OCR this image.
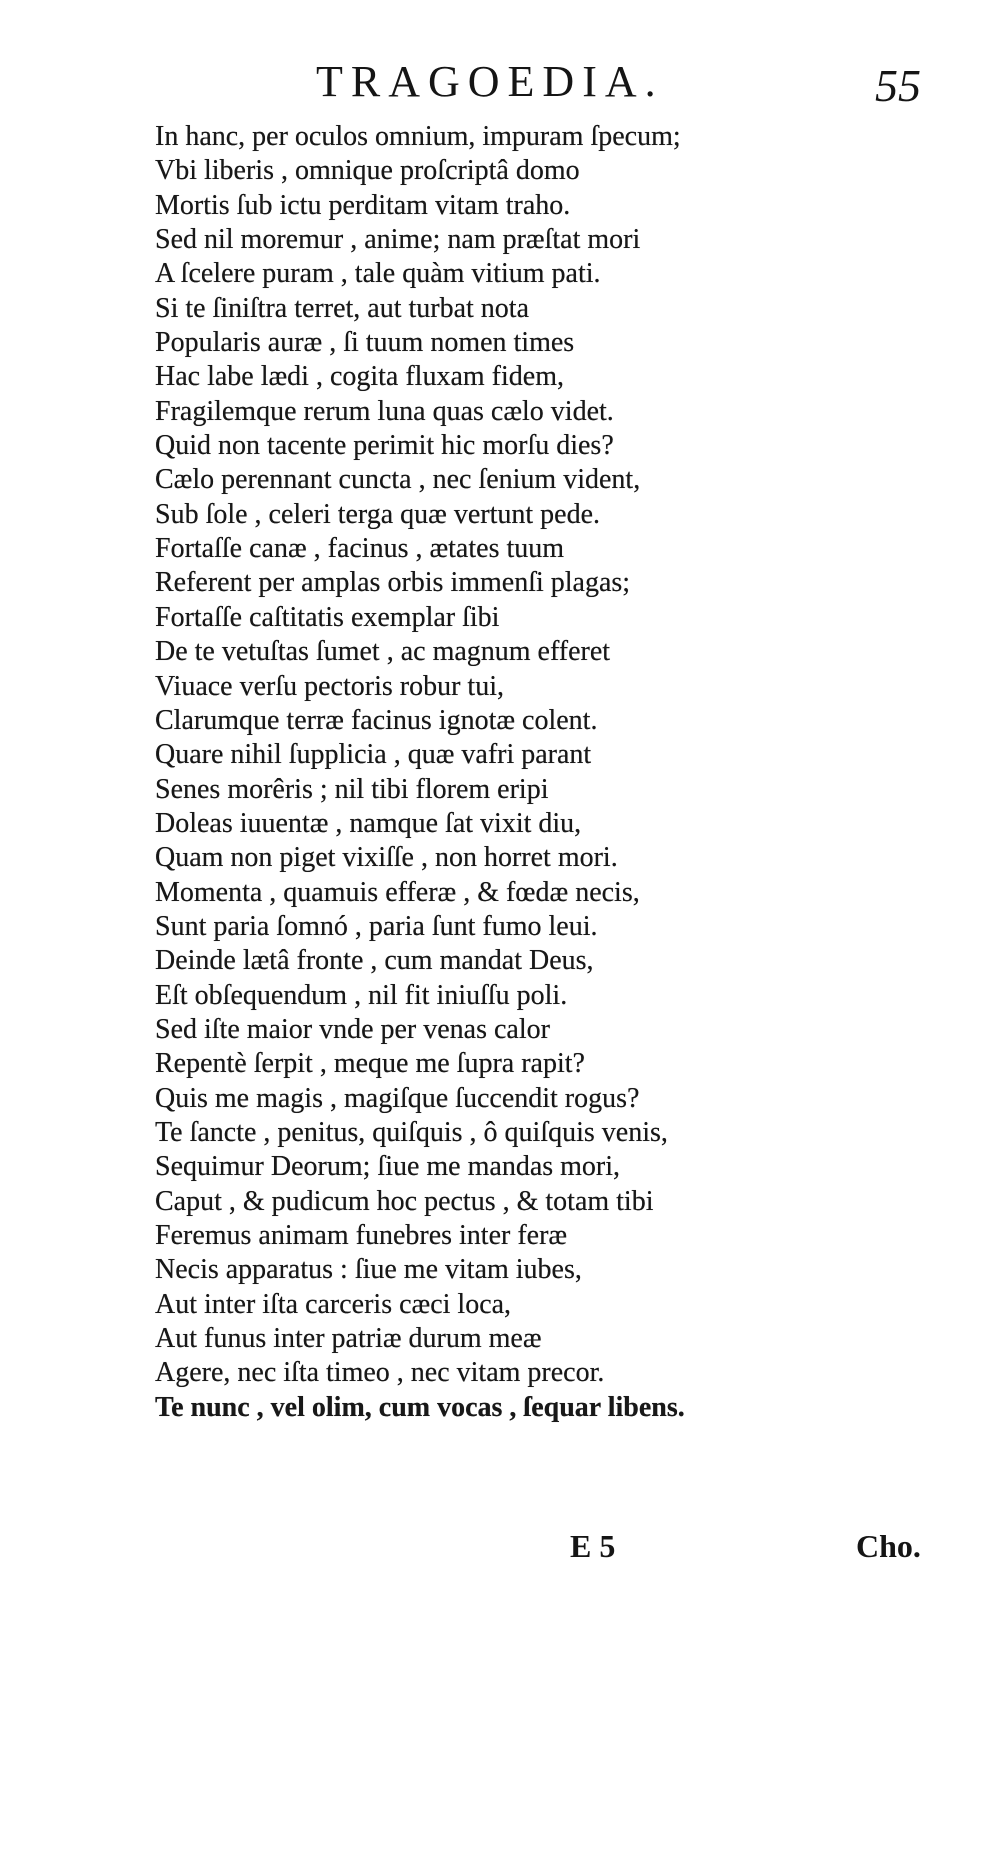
TRAGOEDIA.	55
In hanc, per oculos omnium, impuram ſpecum;
Vbi liberis , omnique proſcriptâ domo
Mortis ſub ictu perditam vitam traho.
Sed nil moremur , anime; nam præſtat mori
A ſcelere puram , tale quàm vitium pati.
Si te ſiniſtra terret, aut turbat nota
Popularis auræ , ſi tuum nomen times
Hac labe lædi , cogita fluxam fidem,
Fragilemque rerum luna quas cælo videt.
Quid non tacente perimit hic morſu dies?
Cælo perennant cuncta , nec ſenium vident,
Sub ſole , celeri terga quæ vertunt pede.
Fortaſſe canæ , facinus , ætates tuum
Referent per amplas orbis immenſi plagas;
Fortaſſe caſtitatis exemplar ſibi
De te vetuſtas ſumet , ac magnum efferet
Viuace verſu pectoris robur tui,
Clarumque terræ facinus ignotæ colent.
Quare nihil ſupplicia , quæ vafri parant
Senes morêris ; nil tibi florem eripi
Doleas iuuentæ , namque ſat vixit diu,
Quam non piget vixiſſe , non horret mori.
Momenta , quamuis efferæ , & fœdæ necis,
Sunt paria ſomnó , paria ſunt fumo leui.
Deinde lætâ fronte , cum mandat Deus,
Eſt obſequendum , nil fit iniuſſu poli.
Sed iſte maior vnde per venas calor
Repentè ſerpit , meque me ſupra rapit?
Quis me magis , magiſque ſuccendit rogus?
Te ſancte , penitus, quiſquis , ô quiſquis venis,
Sequimur Deorum; ſiue me mandas mori,
Caput , & pudicum hoc pectus , & totam tibi
Feremus animam funebres inter feræ
Necis apparatus : ſiue me vitam iubes,
Aut inter iſta carceris cæci loca,
Aut funus inter patriæ durum meæ
Agere, nec iſta timeo , nec vitam precor.
Te nunc , vel olim, cum vocas , ſequar libens.
E 5	Cho.
